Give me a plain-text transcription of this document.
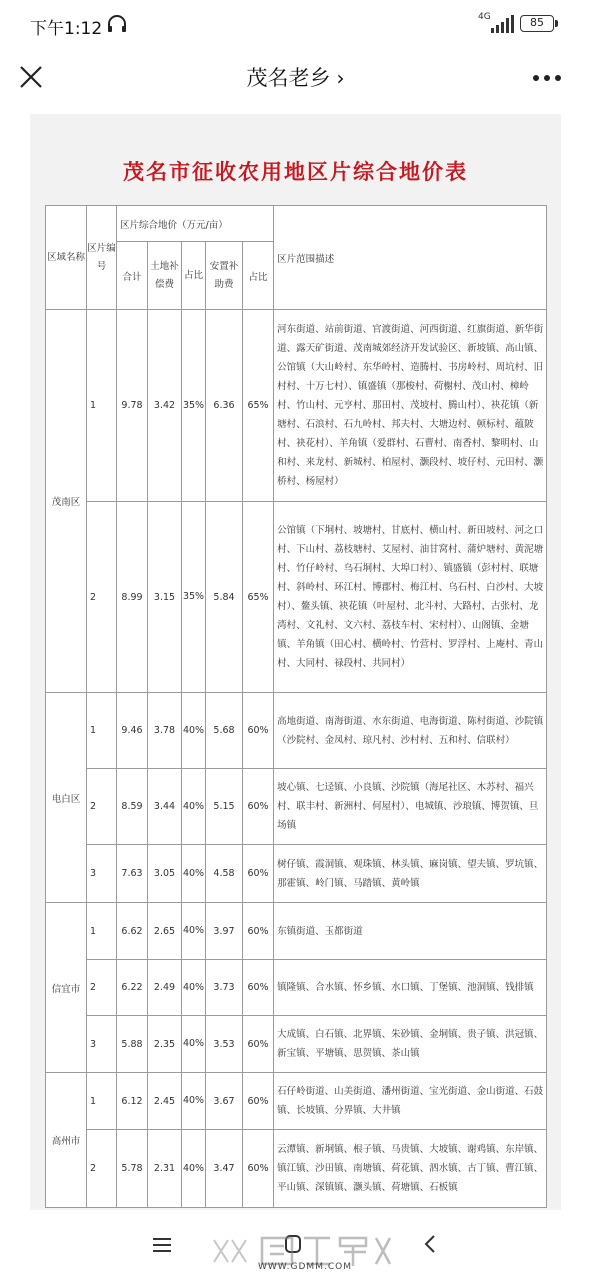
下午1:12
4G	85
茂名老乡 ›
茂名市征收农用地区片综合地价表
区域名称	区片编号	区片综合地价（万元/亩）					区片范围描述
		合计	土地补偿费	占比	安置补助费	占比	
茂南区	1	9.78	3.42	35%	6.36	65%	河东街道、站前街道、官渡街道、河西街道、红旗街道、新华街道、露天矿街道、茂南城郊经济开发试验区、新坡镇、高山镇、公馆镇（大山岭村、东华岭村、造腾村、书房岭村、周坑村、旧村村、十万七村）、镇盛镇（那梭村、荷榭村、茂山村、樟岭村、竹山村、元亨村、那田村、茂坡村、腾山村）、袂花镇（新塘村、石浪村、石九岭村、邦夫村、大塘边村、顿标村、蕴陂村、袂花村）、羊角镇（爱群村、石曹村、南香村、黎明村、山和村、来龙村、新城村、柏屋村、灏段村、坡仔村、元田村、灏桥村、杨屋村）
	2	8.99	3.15	35%	5.84	65%	公馆镇（下垌村、坡塘村、甘底村、横山村、新田坡村、河之口村、下山村、荔枝塘村、艾屋村、油甘窝村、蒲炉塘村、黄泥塘村、竹仔岭村、乌石垌村、大埠口村）、镇盛镇（彭村村、联塘村、斜岭村、环江村、博郡村、梅江村、乌石村、白沙村、大坡村）、鳌头镇、袂花镇（叶屋村、北斗村、大路村、古张村、龙湾村、文礼村、文六村、荔枝车村、宋村村）、山阁镇、金塘镇、羊角镇（田心村、横岭村、竹营村、罗浮村、上庵村、青山村、大同村、禄段村、共同村）
电白区	1	9.46	3.78	40%	5.68	60%	高地街道、南海街道、水东街道、电海街道、陈村街道、沙院镇（沙院村、金凤村、琼凡村、沙村村、五和村、信联村）
	2	8.59	3.44	40%	5.15	60%	坡心镇、七迳镇、小良镇、沙院镇（海尾社区、木苏村、福兴村、联丰村、新洲村、何屋村）、电城镇、沙琅镇、博贺镇、旦场镇
	3	7.63	3.05	40%	4.58	60%	树仔镇、霞洞镇、观珠镇、林头镇、麻岗镇、望夫镇、罗坑镇、那霍镇、岭门镇、马踏镇、黄岭镇
信宜市	1	6.62	2.65	40%	3.97	60%	东镇街道、玉都街道
	2	6.22	2.49	40%	3.73	60%	镇隆镇、合水镇、怀乡镇、水口镇、丁堡镇、池洞镇、钱排镇
	3	5.88	2.35	40%	3.53	60%	大成镇、白石镇、北界镇、朱砂镇、金垌镇、贵子镇、洪冠镇、新宝镇、平塘镇、思贺镇、茶山镇
高州市	1	6.12	2.45	40%	3.67	60%	石仔岭街道、山美街道、潘州街道、宝光街道、金山街道、石鼓镇、长坡镇、分界镇、大井镇
	2	5.78	2.31	40%	3.47	60%	云潭镇、新垌镇、根子镇、马贵镇、大坡镇、谢鸡镇、东岸镇、镇江镇、沙田镇、南塘镇、荷花镇、泗水镇、古丁镇、曹江镇、平山镇、深镇镇、灏头镇、荷塘镇、石板镇
WWW.GDMM.COM
